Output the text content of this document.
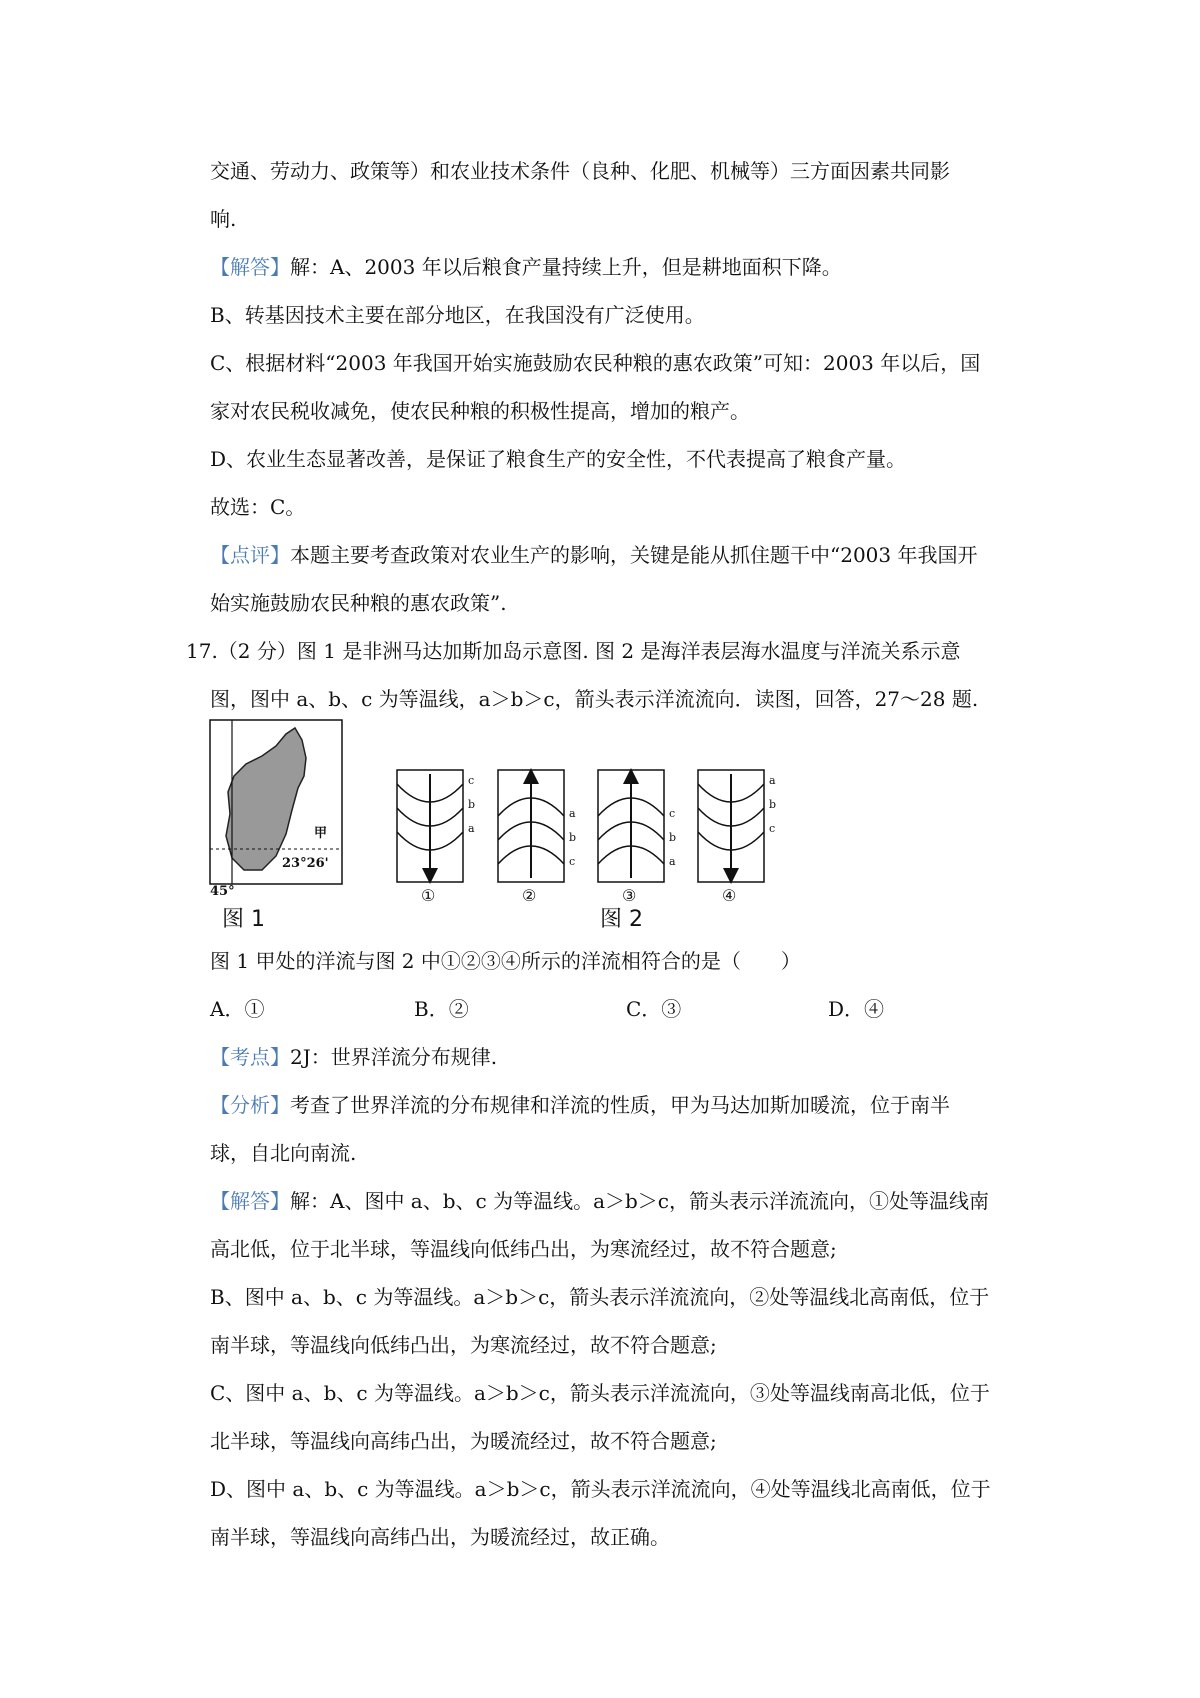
交通、劳动力、政策等）和农业技术条件（良种、化肥、机械等）三方面因素共同影
响.
【解答】解：A、2003 年以后粮食产量持续上升，但是耕地面积下降。
B、转基因技术主要在部分地区，在我国没有广泛使用。
C、根据材料“2003 年我国开始实施鼓励农民种粮的惠农政策”可知：2003 年以后，国
家对农民税收减免，使农民种粮的积极性提高，增加的粮产。
D、农业生态显著改善，是保证了粮食生产的安全性，不代表提高了粮食产量。
故选：C。
【点评】本题主要考查政策对农业生产的影响，关键是能从抓住题干中“2003 年我国开
始实施鼓励农民种粮的惠农政策”.
17.（2 分）图 1 是非洲马达加斯加岛示意图. 图 2 是海洋表层海水温度与洋流关系示意
图，图中 a、b、c 为等温线，a＞b＞c，箭头表示洋流流向．读图，回答，27～28 题.
甲
23°26'
45°
c
b
a
a
b
c
c
b
a
a
b
c
①	②	③	④
图 1	图 2
图 1 甲处的洋流与图 2 中①②③④所示的洋流相符合的是（　　）
A．①	B．②	C．③	D．④
【考点】2J：世界洋流分布规律.
【分析】考查了世界洋流的分布规律和洋流的性质，甲为马达加斯加暖流，位于南半
球，自北向南流.
【解答】解：A、图中 a、b、c 为等温线。a＞b＞c，箭头表示洋流流向，①处等温线南
高北低，位于北半球，等温线向低纬凸出，为寒流经过，故不符合题意;
B、图中 a、b、c 为等温线。a＞b＞c，箭头表示洋流流向，②处等温线北高南低，位于
南半球，等温线向低纬凸出，为寒流经过，故不符合题意;
C、图中 a、b、c 为等温线。a＞b＞c，箭头表示洋流流向，③处等温线南高北低，位于
北半球，等温线向高纬凸出，为暖流经过，故不符合题意;
D、图中 a、b、c 为等温线。a＞b＞c，箭头表示洋流流向，④处等温线北高南低，位于
南半球，等温线向高纬凸出，为暖流经过，故正确。
